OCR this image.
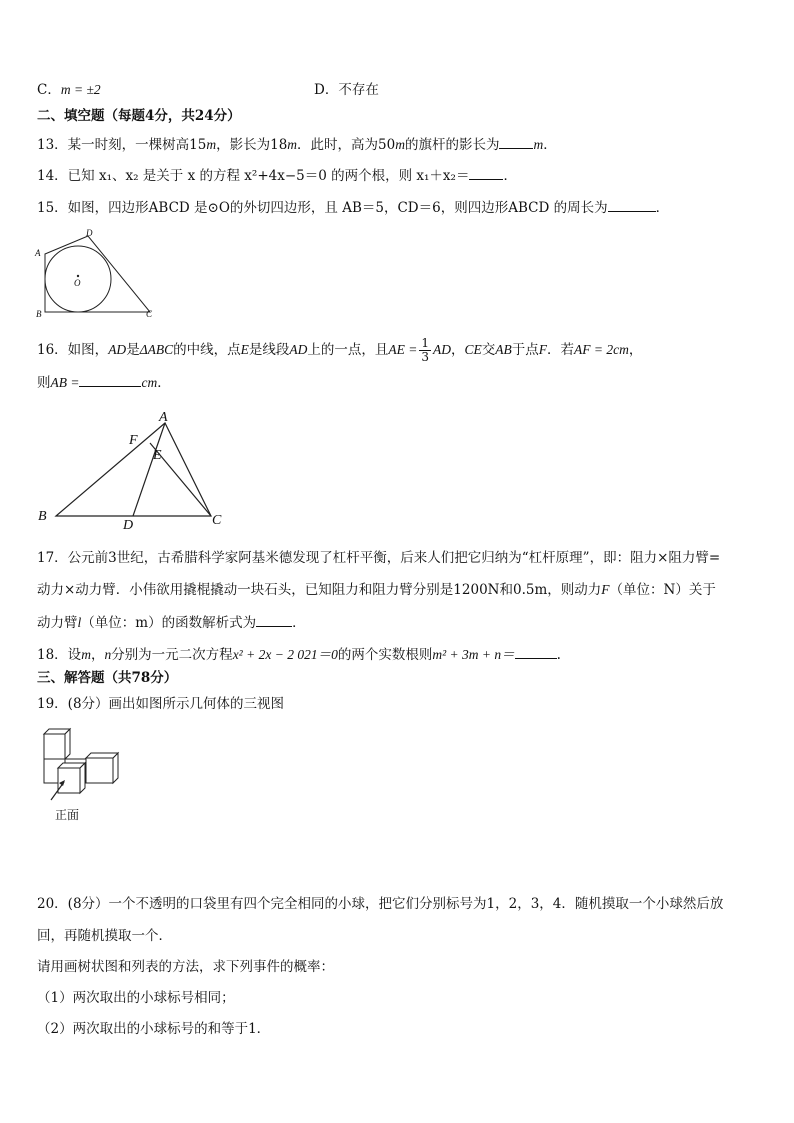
C．m = ±2	D．不存在
二、填空题（每题4分，共24分）
13．某一时刻，一棵树高15m，影长为18m．此时，高为50m的旗杆的影长为	m．
14．已知 x₁、x₂ 是关于 x 的方程 x²+4x−5＝0 的两个根，则 x₁＋x₂＝	．
15．如图，四边形ABCD 是⊙O的外切四边形，且 AB＝5，CD＝6，则四边形ABCD 的周长为	．
A
D
B	C
O
16．如图，AD是ΔABC的中线，点E是线段AD上的一点，且AE = $\frac{1}{3}$ AD，CE交AB于点F．若AF = 2cm，
则AB =	cm．
A
F
E
B
D	C
17．公元前3世纪，古希腊科学家阿基米德发现了杠杆平衡，后来人们把它归纳为“杠杆原理”，即：阻力×阻力臂=
动力×动力臂．小伟欲用撬棍撬动一块石头，已知阻力和阻力臂分别是1200N和0.5m，则动力F（单位：N）关于
动力臂l（单位：m）的函数解析式为	．
18．设m，n分别为一元二次方程x² + 2x − 2 021＝0的两个实数根则m² + 3m + n＝	.
三、解答题（共78分）
19．(8分）画出如图所示几何体的三视图
正面
20．(8分）一个不透明的口袋里有四个完全相同的小球，把它们分别标号为1，2，3，4．随机摸取一个小球然后放
回，再随机摸取一个．
请用画树状图和列表的方法，求下列事件的概率：
（1）两次取出的小球标号相同；
（2）两次取出的小球标号的和等于1．
